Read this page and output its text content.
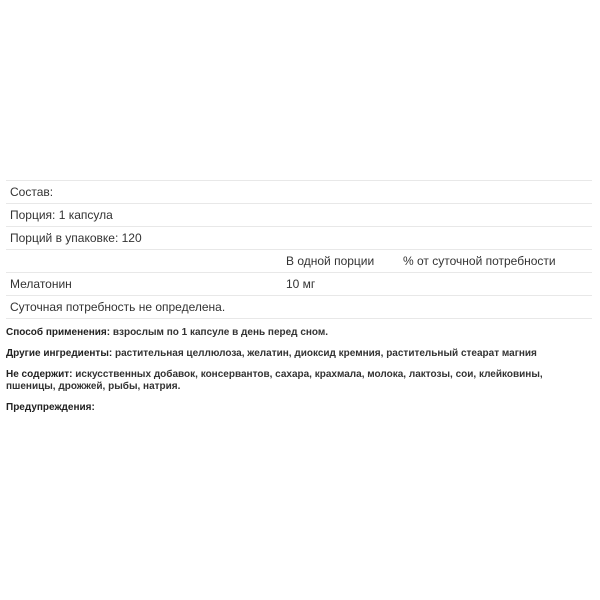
Состав:		
Порция: 1 капсула		
Порций в упаковке: 120		
	В одной порции	% от суточной потребности
Мелатонин	10 мг	
Суточная потребность не определена.		

Способ применения: взрослым по 1 капсуле в день перед сном.

Другие ингредиенты: растительная целлюлоза, желатин, диоксид кремния, растительный стеарат магния

Не содержит: искусственных добавок, консервантов, сахара, крахмала, молока, лактозы, сои, клейковины, пшеницы, дрожжей, рыбы, натрия.

Предупреждения:
